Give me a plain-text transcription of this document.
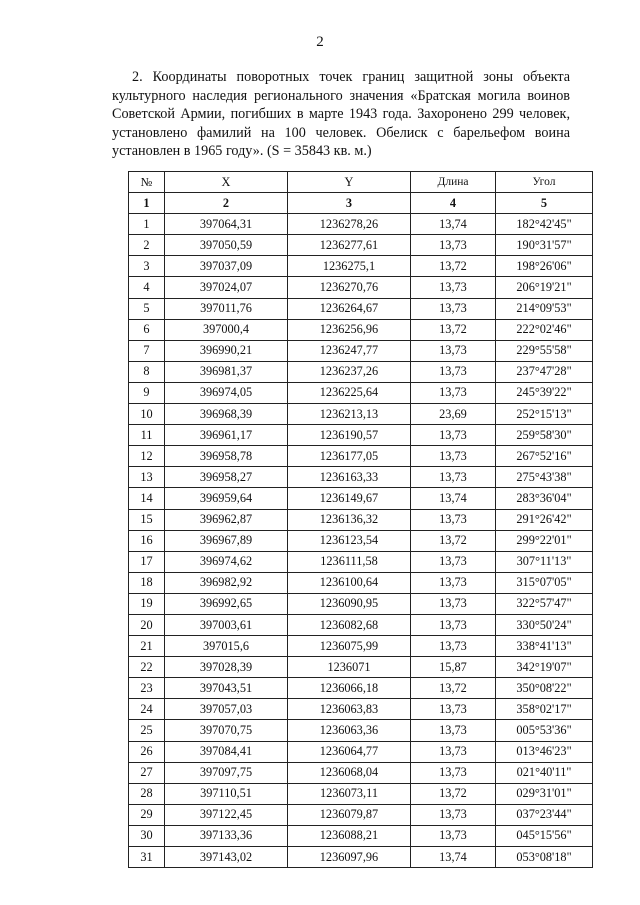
2

2. Координаты поворотных точек границ защитной зоны объекта культурного наследия регионального значения «Братская могила воинов Советской Армии, погибших в марте 1943 года. Захоронено 299 человек, установлено фамилий на 100 человек. Обелиск с барельефом воина установлен в 1965 году». (S = 35843 кв. м.)

№	X	Y	Длина	Угол
1	2	3	4	5
1	397064,31	1236278,26	13,74	182°42'45"
2	397050,59	1236277,61	13,73	190°31'57"
3	397037,09	1236275,1	13,72	198°26'06"
4	397024,07	1236270,76	13,73	206°19'21"
5	397011,76	1236264,67	13,73	214°09'53"
6	397000,4	1236256,96	13,72	222°02'46"
7	396990,21	1236247,77	13,73	229°55'58"
8	396981,37	1236237,26	13,73	237°47'28"
9	396974,05	1236225,64	13,73	245°39'22"
10	396968,39	1236213,13	23,69	252°15'13"
11	396961,17	1236190,57	13,73	259°58'30"
12	396958,78	1236177,05	13,73	267°52'16"
13	396958,27	1236163,33	13,73	275°43'38"
14	396959,64	1236149,67	13,74	283°36'04"
15	396962,87	1236136,32	13,73	291°26'42"
16	396967,89	1236123,54	13,72	299°22'01"
17	396974,62	1236111,58	13,73	307°11'13"
18	396982,92	1236100,64	13,73	315°07'05"
19	396992,65	1236090,95	13,73	322°57'47"
20	397003,61	1236082,68	13,73	330°50'24"
21	397015,6	1236075,99	13,73	338°41'13"
22	397028,39	1236071	15,87	342°19'07"
23	397043,51	1236066,18	13,72	350°08'22"
24	397057,03	1236063,83	13,73	358°02'17"
25	397070,75	1236063,36	13,73	005°53'36"
26	397084,41	1236064,77	13,73	013°46'23"
27	397097,75	1236068,04	13,73	021°40'11"
28	397110,51	1236073,11	13,72	029°31'01"
29	397122,45	1236079,87	13,73	037°23'44"
30	397133,36	1236088,21	13,73	045°15'56"
31	397143,02	1236097,96	13,74	053°08'18"
